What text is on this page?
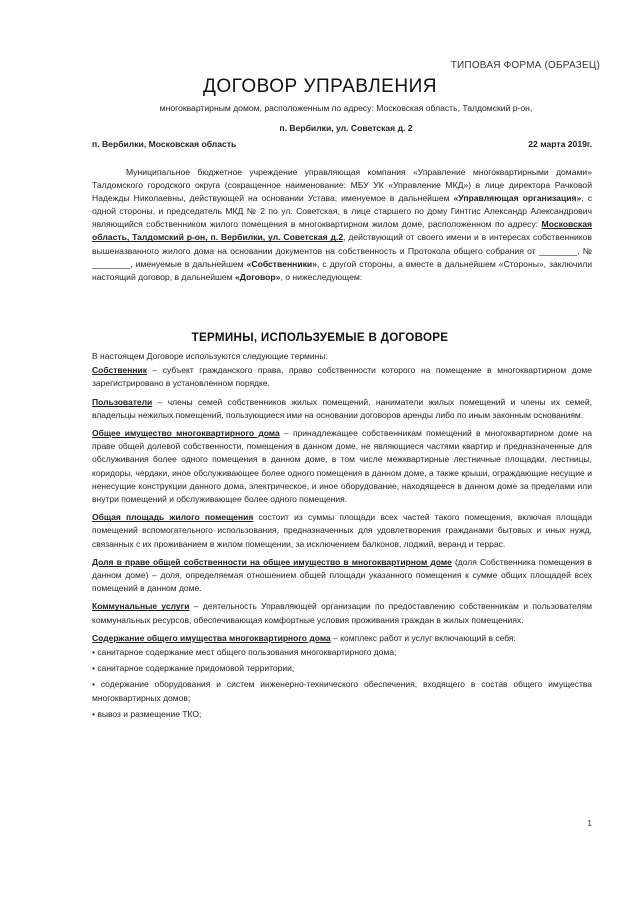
ТИПОВАЯ ФОРМА (ОБРАЗЕЦ)
ДОГОВОР УПРАВЛЕНИЯ
многоквартирным домом, расположенным по адресу: Московская область, Талдомский р-он,
п. Вербилки, ул. Советская д. 2
п. Вербилки, Московская область	22 марта 2019г.
Муниципальное бюджетное учреждение управляющая компания «Управление многоквартирными домами» Талдомского городского округа (сокращенное наименование: МБУ УК «Управление МКД») в лице директора Рачковой Надежды Николаевны, действующей на основании Устава, именуемое в дальнейшем «Управляющая организация», с одной стороны, и председатель МКД № 2 по ул. Советская, в лице старшего по дому Гинтгис Александр Александрович являющийся собственником жилого помещения в многоквартирном жилом доме, расположенном по адресу: Московская область, Талдомский р-он, п. Вербилки, ул. Советская д.2, действующий от своего имени и в интересах собственников вышеназванного жилого дома на основании документов на собственность и Протокола общего собрания от ________, № ________, именуемые в дальнейшем «Собственники», с другой стороны, а вместе в дальнейшем «Стороны», заключили настоящий договор, в дальнейшем «Договор», о нижеследующем:
ТЕРМИНЫ, ИСПОЛЬЗУЕМЫЕ В ДОГОВОРЕ

В настоящем Договоре используются следующие термины:

Собственник – субъект гражданского права, право собственности которого на помещение в многоквартирном доме зарегистрировано в установленном порядке.

Пользователи – члены семей собственников жилых помещений, наниматели жилых помещений и члены их семей, владельцы нежилых помещений, пользующиеся ими на основании договоров аренды либо по иным законным основаниям.

Общее имущество многоквартирного дома – принадлежащее собственникам помещений в многоквартирном доме на праве общей долевой собственности, помещения в данном доме, не являющиеся частями квартир и предназначенные для обслуживания более одного помещения в данном доме, в том числе межквартирные лестничные площадки, лестницы, коридоры, чердаки, иное обслуживающее более одного помещения в данном доме, а также крыши, ограждающие несущие и ненесущие конструкции данного дома, электрическое, и иное оборудование, находящееся в данном доме за пределами или внутри помещений и обслуживающее более одного помещения.

Общая площадь жилого помещения состоит из суммы площади всех частей такого помещения, включая площади помещений вспомогательного использования, предназначенных для удовлетворения гражданами бытовых и иных нужд, связанных с их проживанием в жилом помещении, за исключением балконов, лоджий, веранд и террас.

Доля в праве общей собственности на общее имущество в многоквартирном доме (доля Собственника помещения в данном доме) – доля, определяемая отношением общей площади указанного помещения к сумме общих площадей всех помещений в данном доме.

Коммунальные услуги – деятельность Управляющей организации по предоставлению собственникам и пользователям коммунальных ресурсов, обеспечивающая комфортные условия проживания граждан в жилых помещениях.

Содержание общего имущества многоквартирного дома – комплекс работ и услуг включающий в себя:

• санитарное содержание мест общего пользования многоквартирного дома;

• санитарное содержание придомовой территории;

• содержание оборудования и систем инженерно-технического обеспечения, входящего в состав общего имущества многоквартирных домов;

• вывоз и размещение ТКО;

1
